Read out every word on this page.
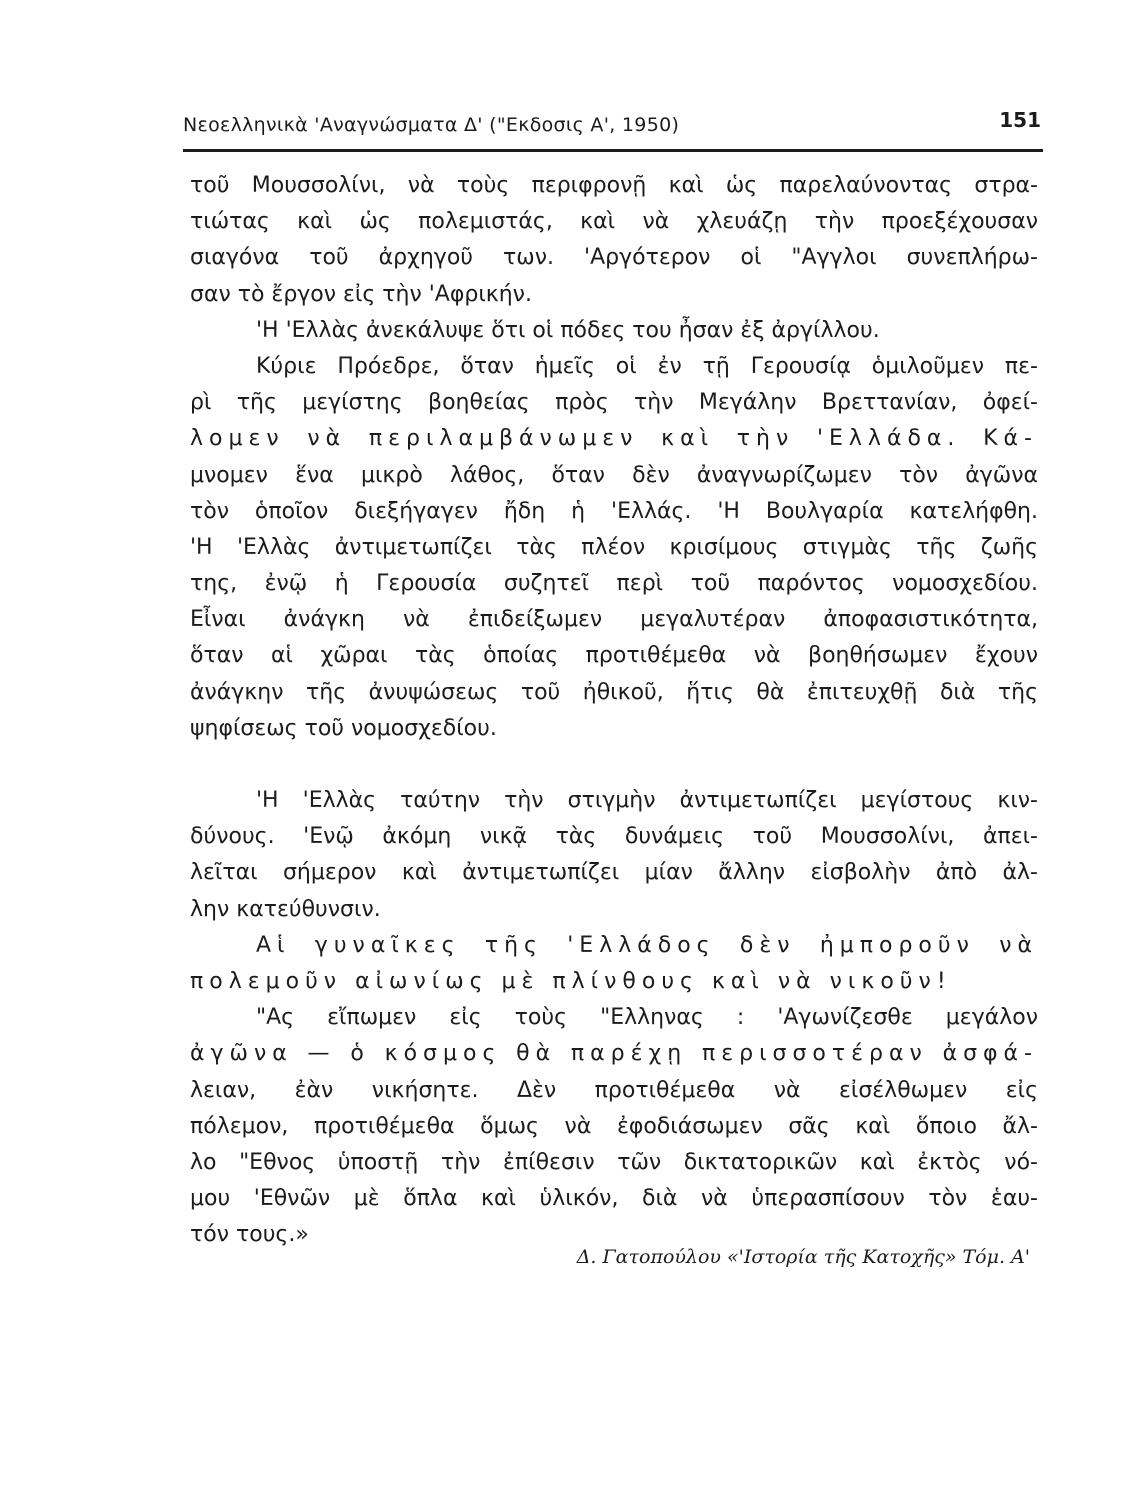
Νεοελληνικὰ 'Αναγνώσματα Δ' ("Εκδοσις Α', 1950)	151
τοῦ Μουσσολίνι, νὰ τοὺς περιφρονῇ καὶ ὡς παρελαύνοντας στρα-
τιώτας καὶ ὡς πολεμιστάς, καὶ νὰ χλευάζῃ τὴν προεξέχουσαν
σιαγόνα τοῦ ἀρχηγοῦ των. 'Αργότερον οἱ "Αγγλοι συνεπλήρω-
σαν τὸ ἔργον εἰς τὴν 'Αφρικήν.
'Η 'Ελλὰς ἀνεκάλυψε ὅτι οἱ πόδες του ἦσαν ἐξ ἀργίλλου.
Κύριε Πρόεδρε, ὅταν ἡμεῖς οἱ ἐν τῇ Γερουσίᾳ ὁμιλοῦμεν πε-
ρὶ τῆς μεγίστης βοηθείας πρὸς τὴν Μεγάλην Βρεττανίαν, ὀφεί-
λομεν νὰ περιλαμβάνωμεν καὶ τὴν 'Ελλάδα. Κά-
μνομεν ἕνα μικρὸ λάθος, ὅταν δὲν ἀναγνωρίζωμεν τὸν ἀγῶνα
τὸν ὁποῖον διεξήγαγεν ἤδη ἡ 'Ελλάς. 'Η Βουλγαρία κατελήφθη.
'Η 'Ελλὰς ἀντιμετωπίζει τὰς πλέον κρισίμους στιγμὰς τῆς ζωῆς
της, ἐνῷ ἡ Γερουσία συζητεῖ περὶ τοῦ παρόντος νομοσχεδίου.
Εἶναι ἀνάγκη νὰ ἐπιδείξωμεν μεγαλυτέραν ἀποφασιστικότητα,
ὅταν αἱ χῶραι τὰς ὁποίας προτιθέμεθα νὰ βοηθήσωμεν ἔχουν
ἀνάγκην τῆς ἀνυψώσεως τοῦ ἠθικοῦ, ἥτις θὰ ἐπιτευχθῇ διὰ τῆς
ψηφίσεως τοῦ νομοσχεδίου.
'Η 'Ελλὰς ταύτην τὴν στιγμὴν ἀντιμετωπίζει μεγίστους κιν-
δύνους. 'Ενῷ ἀκόμη νικᾷ τὰς δυνάμεις τοῦ Μουσσολίνι, ἀπει-
λεῖται σήμερον καὶ ἀντιμετωπίζει μίαν ἄλλην εἰσβολὴν ἀπὸ ἀλ-
λην κατεύθυνσιν.
Αἱ γυναῖκες τῆς 'Ελλάδος δὲν ἠμποροῦν νὰ
πολεμοῦν αἰωνίως μὲ πλίνθους καὶ νὰ νικοῦν!
"Ας εἴπωμεν εἰς τοὺς "Ελληνας : 'Αγωνίζεσθε μεγάλον
ἀγῶνα — ὁ κόσμος θὰ παρέχῃ περισσοτέραν ἀσφά-
λειαν, ἐὰν νικήσητε. Δὲν προτιθέμεθα νὰ εἰσέλθωμεν εἰς
πόλεμον, προτιθέμεθα ὅμως νὰ ἐφοδιάσωμεν σᾶς καὶ ὅποιο ἄλ-
λο "Εθνος ὑποστῇ τὴν ἐπίθεσιν τῶν δικτατορικῶν καὶ ἐκτὸς νό-
μου 'Εθνῶν μὲ ὅπλα καὶ ὑλικόν, διὰ νὰ ὑπερασπίσουν τὸν ἑαυ-
τόν τους.»
Δ. Γατοπούλου «'Ιστορία τῆς Κατοχῆς» Τόμ. Α'
